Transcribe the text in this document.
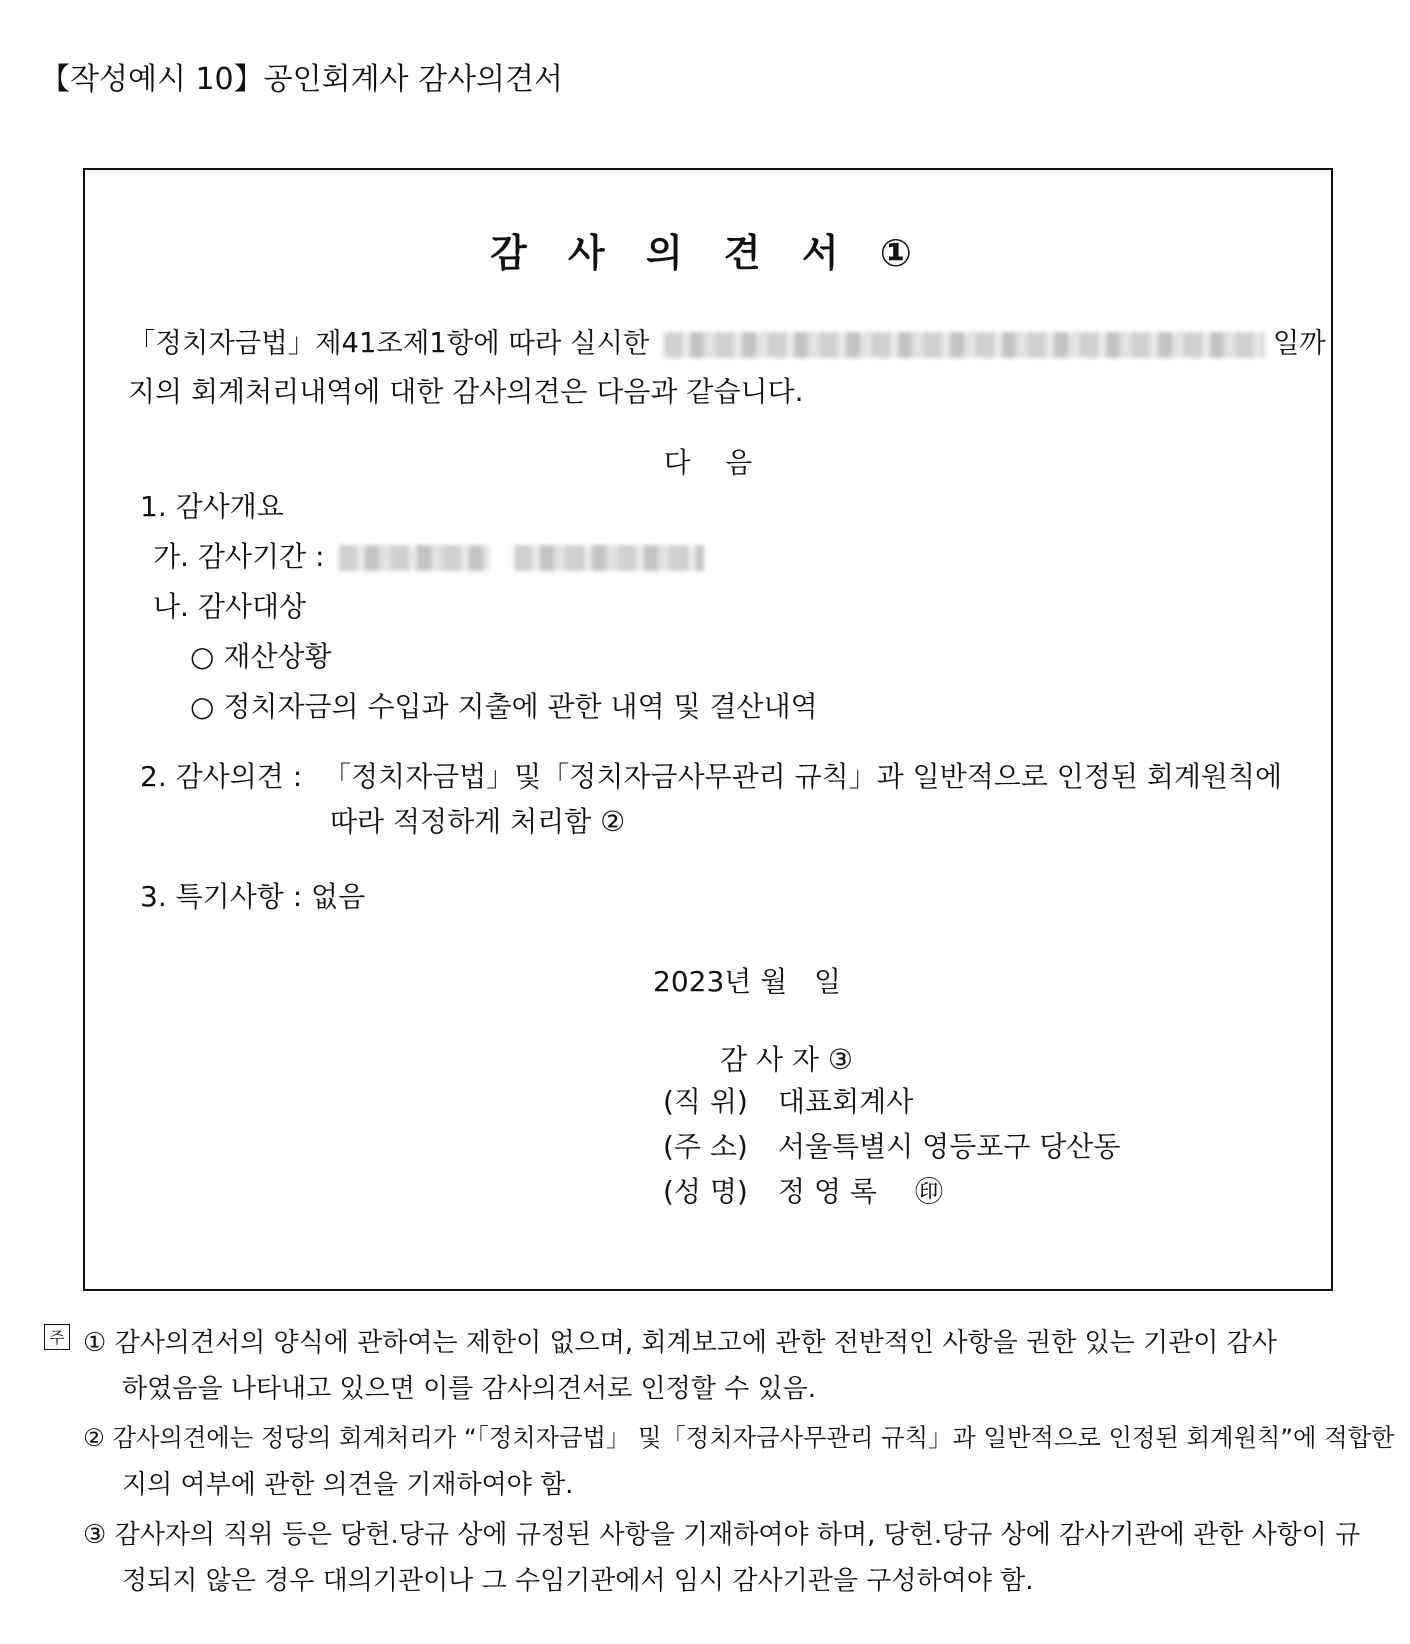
【작성예시 10】공인회계사 감사의견서
감 사 의 견 서 ①
「정치자금법」제41조제1항에 따라 실시한	일까
지의 회계처리내역에 대한 감사의견은 다음과 같습니다.
다    음
1. 감사개요
가. 감사기간 :
나. 감사대상
○ 재산상황
○ 정치자금의 수입과 지출에 관한 내역 및 결산내역
2. 감사의견 : 「정치자금법」및「정치자금사무관리 규칙」과 일반적으로 인정된 회계원칙에
따라 적정하게 처리함 ②
3. 특기사항 : 없음
2023년 월   일
감 사 자 ③
(직 위) 대표회계사
(주 소) 서울특별시 영등포구 당산동
(성 명) 정 영 록 ㊞
주 ① 감사의견서의 양식에 관하여는 제한이 없으며, 회계보고에 관한 전반적인 사항을 권한 있는 기관이 감사
하였음을 나타내고 있으면 이를 감사의견서로 인정할 수 있음.
② 감사의견에는 정당의 회계처리가 “「정치자금법」 및「정치자금사무관리 규칙」과 일반적으로 인정된 회계원칙”에 적합한
지의 여부에 관한 의견을 기재하여야 함.
③ 감사자의 직위 등은 당헌.당규 상에 규정된 사항을 기재하여야 하며, 당헌.당규 상에 감사기관에 관한 사항이 규
정되지 않은 경우 대의기관이나 그 수임기관에서 임시 감사기관을 구성하여야 함.
